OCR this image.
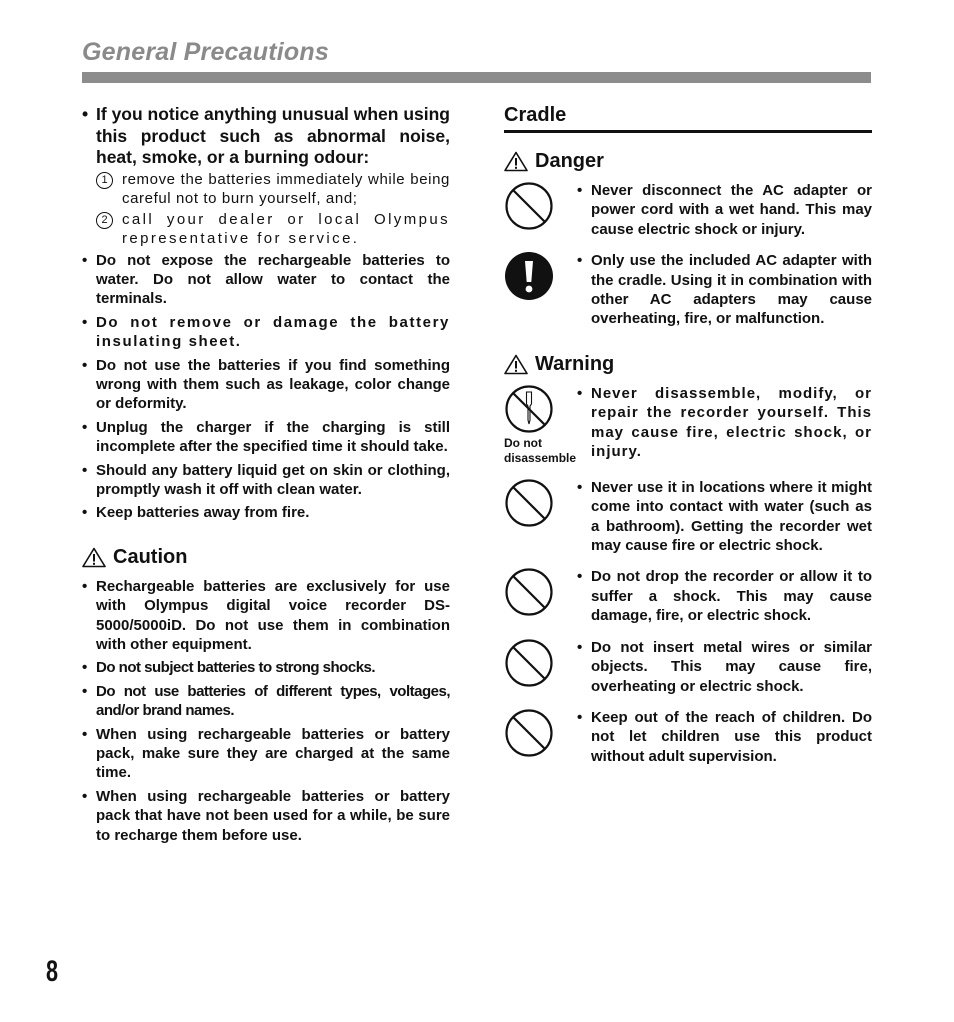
General Precautions
• If you notice anything unusual when using this product such as abnormal noise, heat, smoke, or a burning odour:
1 remove the batteries immediately while being careful not to burn yourself, and;
2 call your dealer or local Olympus representative for service.
• Do not expose the rechargeable batteries to water. Do not allow water to contact the terminals.
• Do not remove or damage the battery insulating sheet.
• Do not use the batteries if you find something wrong with them such as leakage, color change or deformity.
• Unplug the charger if the charging is still incomplete after the specified time it should take.
• Should any battery liquid get on skin or clothing, promptly wash it off with clean water.
• Keep batteries away from fire.
Caution
• Rechargeable batteries are exclusively for use with Olympus digital voice recorder DS-5000/5000iD. Do not use them in combination with other equipment.
• Do not subject batteries to strong shocks.
• Do not use batteries of different types, voltages, and/or brand names.
• When using rechargeable batteries or battery pack, make sure they are charged at the same time.
• When using rechargeable batteries or battery pack that have not been used for a while, be sure to recharge them before use.
Cradle
Danger
• Never disconnect the AC adapter or power cord with a wet hand. This may cause electric shock or injury.
• Only use the included AC adapter with the cradle. Using it in combination with other AC adapters may cause overheating, fire, or malfunction.
Warning
Do not disassemble
• Never disassemble, modify, or repair the recorder yourself. This may cause fire, electric shock, or injury.
• Never use it in locations where it might come into contact with water (such as a bathroom). Getting the recorder wet may cause fire or electric shock.
• Do not drop the recorder or allow it to suffer a shock. This may cause damage, fire, or electric shock.
• Do not insert metal wires or similar objects. This may cause fire, overheating or electric shock.
• Keep out of the reach of children. Do not let children use this product without adult supervision.
8
